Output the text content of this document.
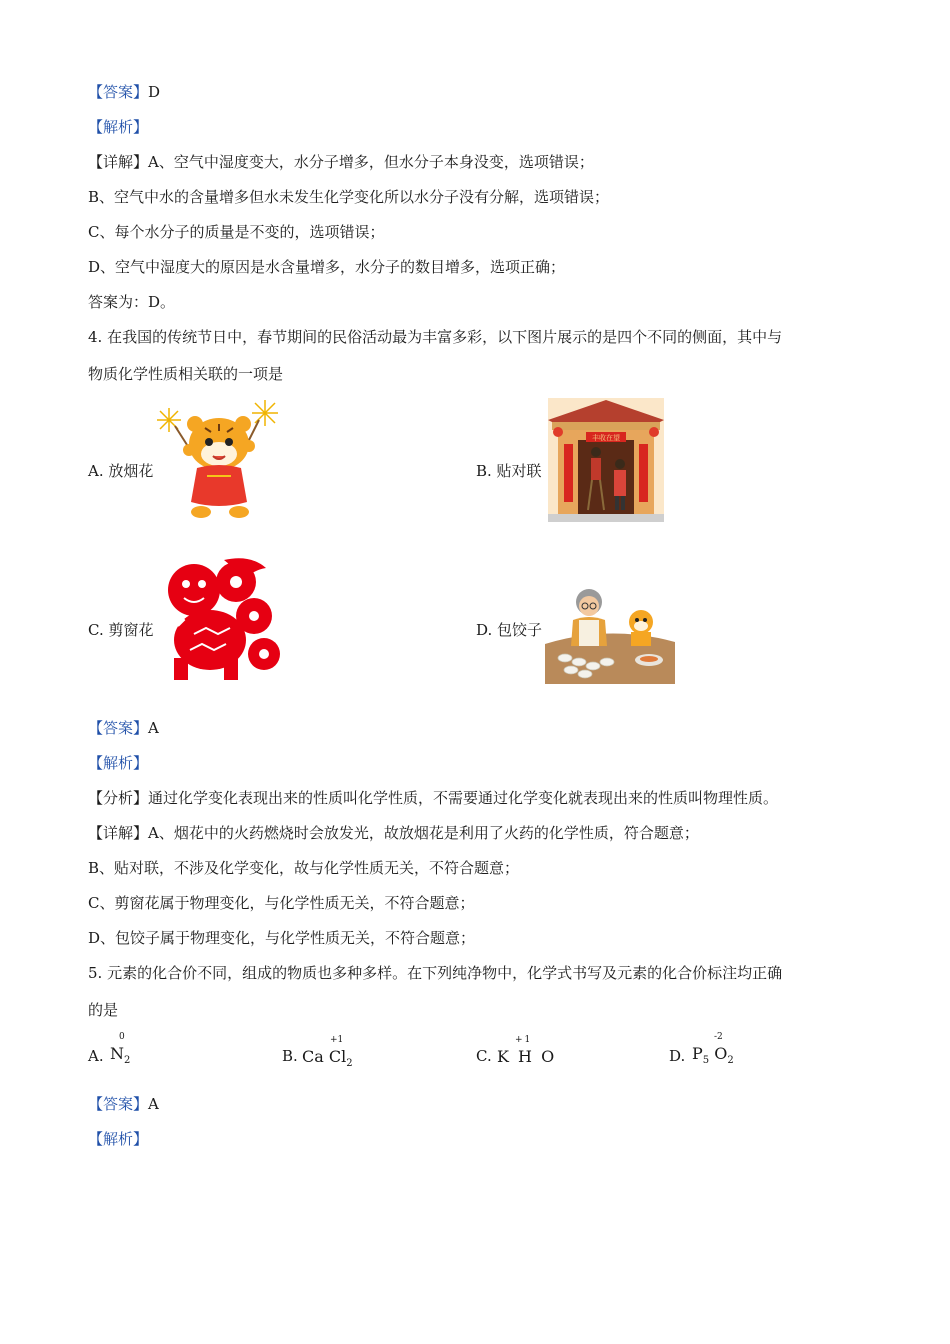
【答案】D
【解析】
【详解】A、空气中湿度变大，水分子增多，但水分子本身没变，选项错误；
B、空气中水的含量增多但水未发生化学变化所以水分子没有分解，选项错误；
C、每个水分子的质量是不变的，选项错误；
D、空气中湿度大的原因是水含量增多，水分子的数目增多，选项正确；
答案为：D。
4. 在我国的传统节日中，春节期间的民俗活动最为丰富多彩，以下图片展示的是四个不同的侧面，其中与
物质化学性质相关联的一项是
A. 放烟花	B. 贴对联
丰收在望
C. 剪窗花	D. 包饺子
【答案】A
【解析】
【分析】通过化学变化表现出来的性质叫化学性质，不需要通过化学变化就表现出来的性质叫物理性质。
【详解】A、烟花中的火药燃烧时会放发光，故放烟花是利用了火药的化学性质，符合题意；
B、贴对联，不涉及化学变化，故与化学性质无关，不符合题意；
C、剪窗花属于物理变化，与化学性质无关，不符合题意；
D、包饺子属于物理变化，与化学性质无关，不符合题意；
5. 元素的化合价不同，组成的物质也多种多样。在下列纯净物中，化学式书写及元素的化合价标注均正确
的是
A.
0
$N_2$	B.
+1
Ca $Cl_2$	C.
+1
K H O	D.
-2
$P_5$ $O_2$
【答案】A
【解析】
